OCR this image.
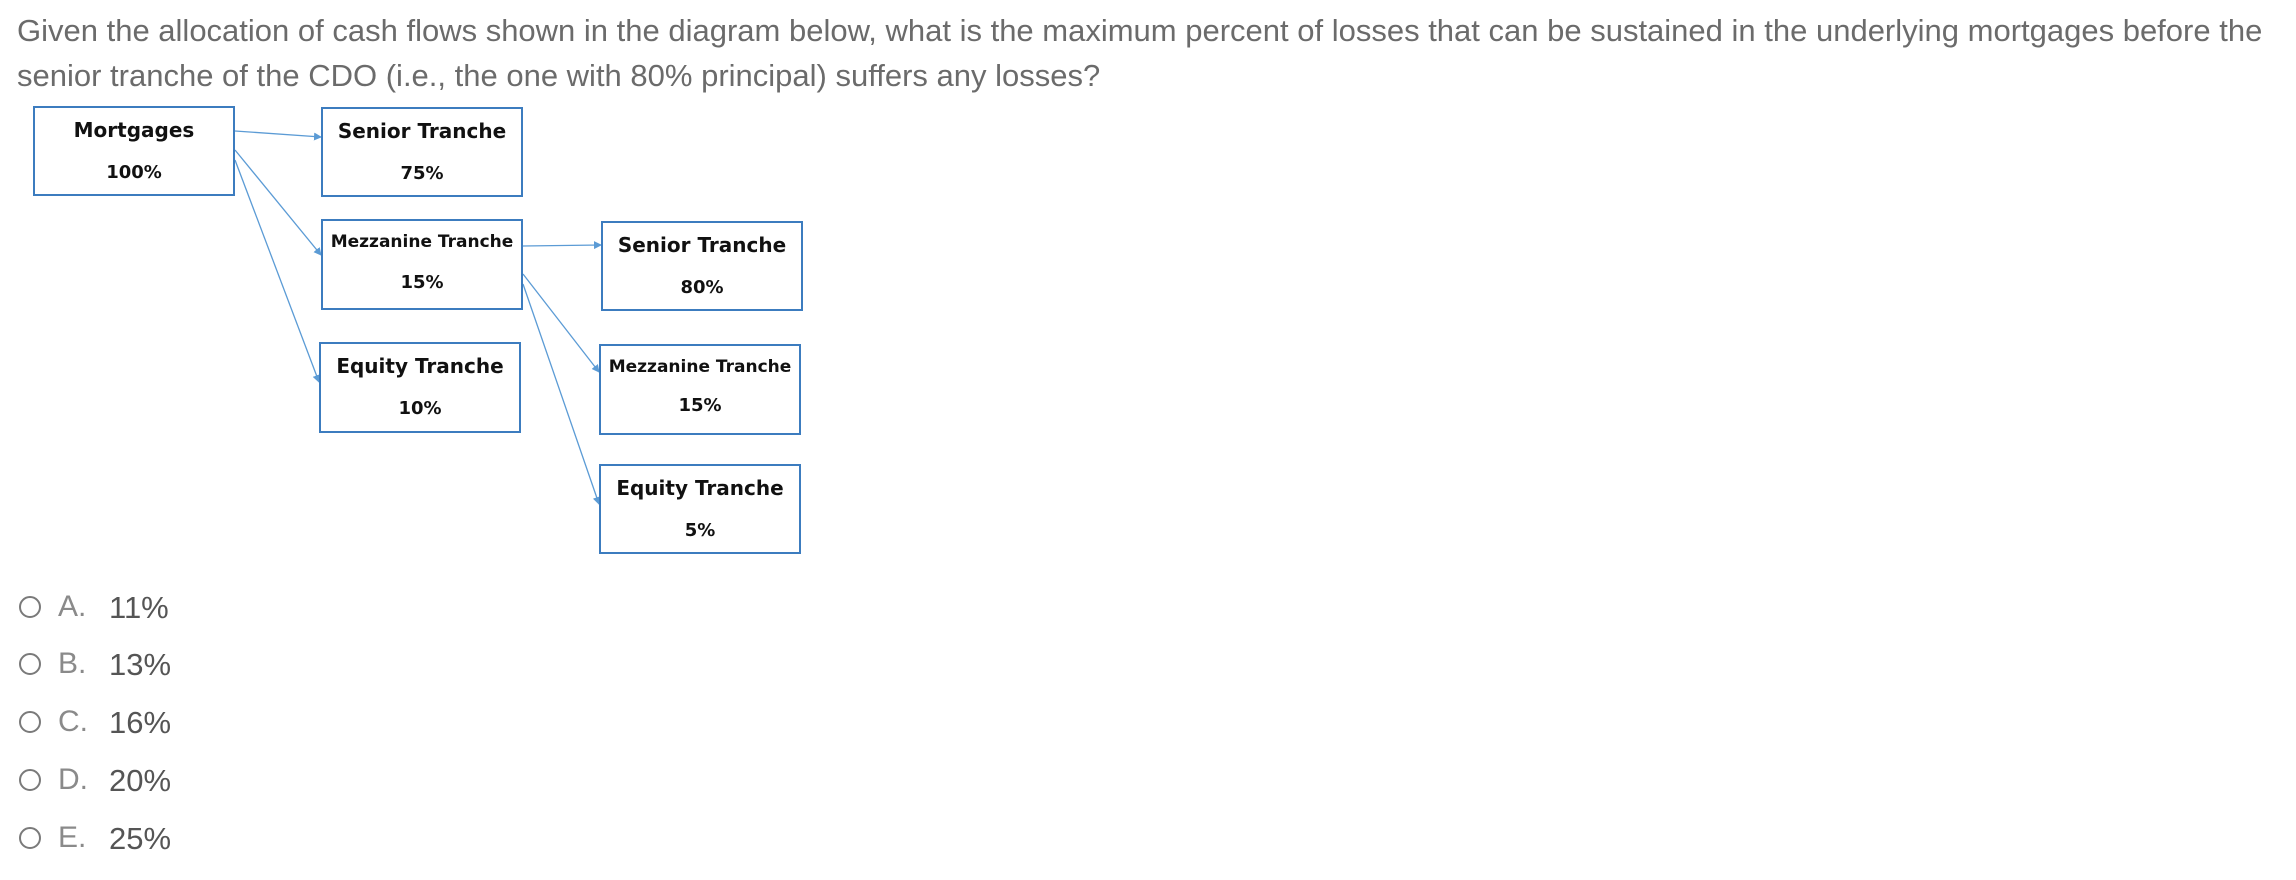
Given the allocation of cash flows shown in the diagram below, what is the maximum percent of losses that can be sustained in the underlying mortgages before the senior tranche of the CDO (i.e., the one with 80% principal) suffers any losses?

Mortgages
100%
Senior Tranche
75%
Mezzanine Tranche
15%
Equity Tranche
10%
Senior Tranche
80%
Mezzanine Tranche
15%
Equity Tranche
5%
A. 11%
B. 13%
C. 16%
D. 20%
E. 25%
